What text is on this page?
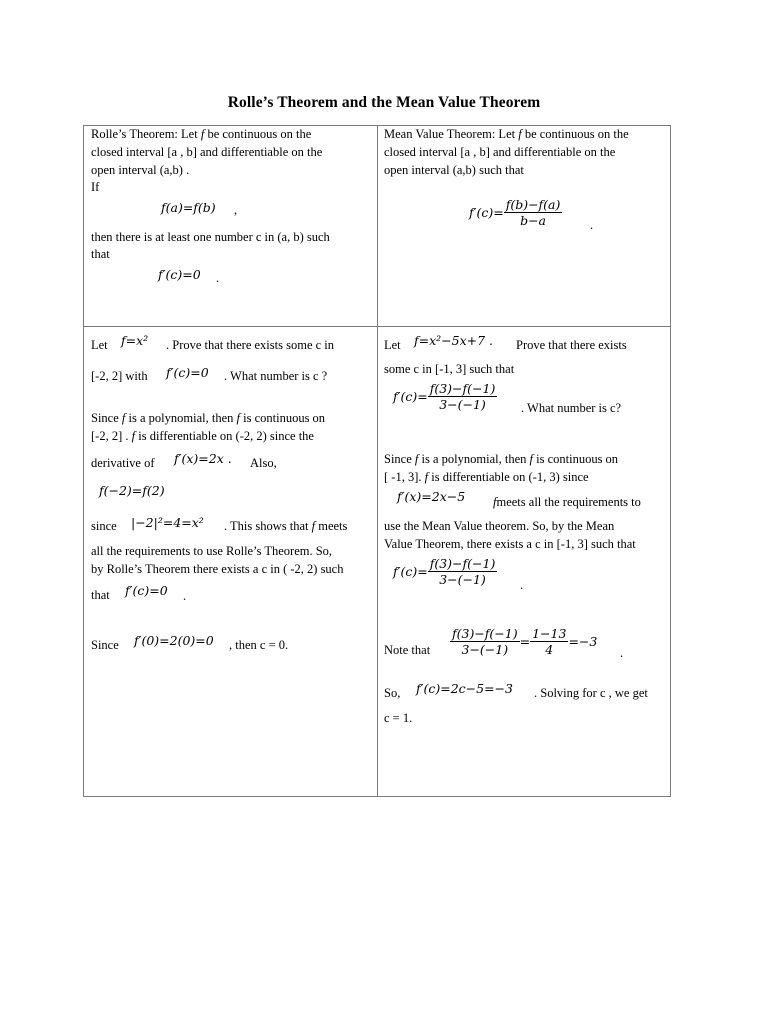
Rolle’s Theorem and the Mean Value Theorem
Rolle’s Theorem: Let f be continuous on the
closed interval [a , b] and differentiable on the
open interval (a,b) .
If
f(a)=f(b) ,
then there is at least one number c in (a, b) such
that
f′(c)=0 .
Mean Value Theorem: Let f be continuous on the
closed interval [a , b] and differentiable on the
open interval (a,b) such that
$f'(c)= \frac{f(b)-f(a)}{b-a}$ .
Let f=x² . Prove that there exists some c in
[-2, 2] with f′(c)=0 . What number is c ?
Since f is a polynomial, then f is continuous on
[-2, 2] . f is differentiable on (-2, 2) since the
derivative of f′(x)=2x . Also,
f(−2)=f(2)
since |−2|²=4=x² . This shows that f meets
all the requirements to use Rolle’s Theorem. So,
by Rolle’s Theorem there exists a c in ( -2, 2) such
that f′(c)=0 .
Since f′(0)=2(0)=0 , then c = 0.
Let f=x²−5x+7 . Prove that there exists
some c in [-1, 3] such that
$f'(c)= \frac{f(3)-f(-1)}{3-(-1)}$ . What number is c?
Since f is a polynomial, then f is continuous on
[ -1, 3]. f is differentiable on (-1, 3) since
f′(x)=2x−5 fmeets all the requirements to
use the Mean Value theorem. So, by the Mean
Value Theorem, there exists a c in [-1, 3] such that
$f'(c)= \frac{f(3)-f(-1)}{3-(-1)}$ .
Note that $\frac{f(3)-f(-1)}{3-(-1)} = \frac{1-13}{4} =-3$
.
So, f′(c)=2c−5=−3 . Solving for c , we get
c = 1.
